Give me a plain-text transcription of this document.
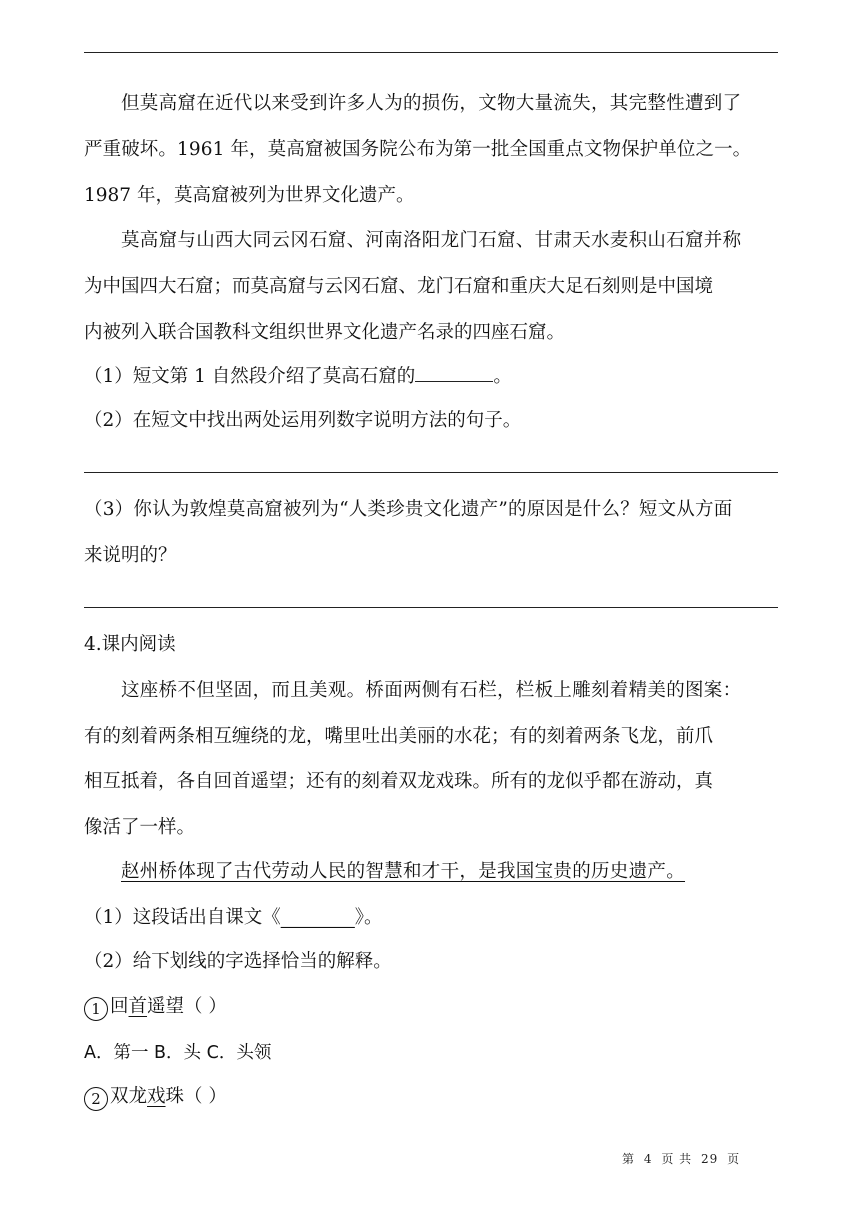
但莫高窟在近代以来受到许多人为的损伤，文物大量流失，其完整性遭到了

严重破坏。1961 年，莫高窟被国务院公布为第一批全国重点文物保护单位之一。

1987 年，莫高窟被列为世界文化遗产。

莫高窟与山西大同云冈石窟、河南洛阳龙门石窟、甘肃天水麦积山石窟并称

为中国四大石窟；而莫高窟与云冈石窟、龙门石窟和重庆大足石刻则是中国境

内被列入联合国教科文组织世界文化遗产名录的四座石窟。

（1）短文第 1 自然段介绍了莫高石窟的	。

（2）在短文中找出两处运用列数字说明方法的句子。

（3）你认为敦煌莫高窟被列为“人类珍贵文化遗产”的原因是什么？短文从方面

来说明的？

4.课内阅读

这座桥不但坚固，而且美观。桥面两侧有石栏，栏板上雕刻着精美的图案：

有的刻着两条相互缠绕的龙，嘴里吐出美丽的水花；有的刻着两条飞龙，前爪

相互抵着，各自回首遥望；还有的刻着双龙戏珠。所有的龙似乎都在游动，真

像活了一样。

赵州桥体现了古代劳动人民的智慧和才干，是我国宝贵的历史遗产。

（1）这段话出自课文《________》。

（2）给下划线的字选择恰当的解释。

1 回首遥望（ ）

A．第一 B．头 C．头领

2 双龙戏珠（ ）

第 4 页 共 29 页
